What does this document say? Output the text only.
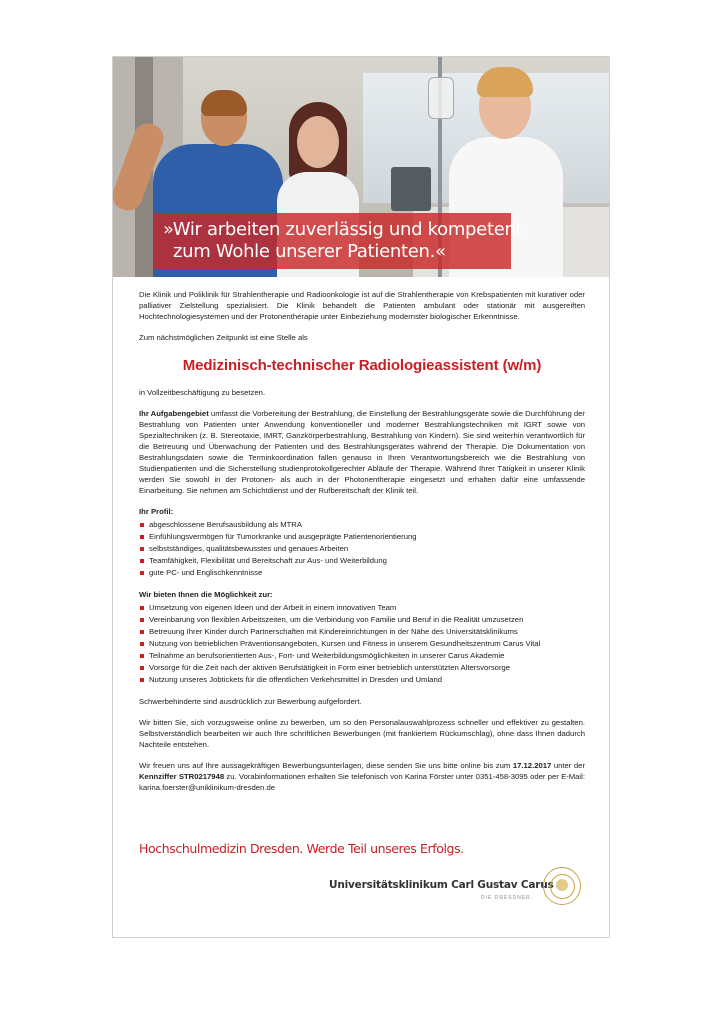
»Wir arbeiten zuverlässig und kompetent
zum Wohle unserer Patienten.«

Die Klinik und Poliklinik für Strahlentherapie und Radioonkologie ist auf die Strahlentherapie von Krebspatienten mit kurativer oder palliativer Zielstellung spezialisiert. Die Klinik behandelt die Patienten ambulant oder stationär mit ausgereiften Hochtechnologiesystemen und der Protonentherapie unter Einbeziehung modernster biologischer Erkenntnisse.

Zum nächstmöglichen Zeitpunkt ist eine Stelle als

Medizinisch-technischer Radiologieassistent (w/m)

in Vollzeitbeschäftigung zu besetzen.

Ihr Aufgabengebiet umfasst die Vorbereitung der Bestrahlung, die Einstellung der Bestrahlungsgeräte sowie die Durchführung der Bestrahlung von Patienten unter Anwendung konventioneller und moderner Bestrahlungstechniken mit IGRT sowie von Spezialtechniken (z. B. Stereotaxie, IMRT, Ganzkörperbestrahlung, Bestrahlung von Kindern). Sie sind weiterhin verantwortlich für die Betreuung und Überwachung der Patienten und des Bestrahlungsgerätes während der Therapie. Die Dokumentation von Bestrahlungsdaten sowie die Terminkoordination fallen genauso in Ihren Verantwortungsbereich wie die Bestrahlung von Studienpatienten und die Sicherstellung studienprotokollgerechter Abläufe der Therapie. Während Ihrer Tätigkeit in unserer Klinik werden Sie sowohl in der Protonen- als auch in der Photonentherapie eingesetzt und erhalten dafür eine umfassende Einarbeitung. Sie nehmen am Schichtdienst und der Rufbereitschaft der Klinik teil.

Ihr Profil:
abgeschlossene Berufsausbildung als MTRA
Einfühlungsvermögen für Tumorkranke und ausgeprägte Patientenorientierung
selbstständiges, qualitätsbewusstes und genaues Arbeiten
Teamfähigkeit, Flexibilität und Bereitschaft zur Aus- und Weiterbildung
gute PC- und Englischkenntnisse
Wir bieten Ihnen die Möglichkeit zur:
Umsetzung von eigenen Ideen und der Arbeit in einem innovativen Team
Vereinbarung von flexiblen Arbeitszeiten, um die Verbindung von Familie und Beruf in die Realität umzusetzen
Betreuung Ihrer Kinder durch Partnerschaften mit Kindereinrichtungen in der Nähe des Universitätsklinikums
Nutzung von betrieblichen Präventionsangeboten, Kursen und Fitness in unserem Gesundheitszentrum Carus Vital
Teilnahme an berufsorientierten Aus-, Fort- und Weiterbildungsmöglichkeiten in unserer Carus Akademie
Vorsorge für die Zeit nach der aktiven Berufstätigkeit in Form einer betrieblich unterstützten Altersvorsorge
Nutzung unseres Jobtickets für die öffentlichen Verkehrsmittel in Dresden und Umland

Schwerbehinderte sind ausdrücklich zur Bewerbung aufgefordert.

Wir bitten Sie, sich vorzugsweise online zu bewerben, um so den Personalauswahlprozess schneller und effektiver zu gestalten. Selbstverständlich bearbeiten wir auch Ihre schriftlichen Bewerbungen (mit frankiertem Rückumschlag), ohne dass Ihnen dadurch Nachteile entstehen.

Wir freuen uns auf Ihre aussagekräftigen Bewerbungsunterlagen, diese senden Sie uns bitte online bis zum 17.12.2017 unter der Kennziffer STR0217948 zu. Vorabinformationen erhalten Sie telefonisch von Karina Förster unter 0351-458-3095 oder per E-Mail: karina.foerster@uniklinikum-dresden.de

Hochschulmedizin Dresden. Werde Teil unseres Erfolgs.
Universitätsklinikum Carl Gustav Carus
DIE DRESDNER.
